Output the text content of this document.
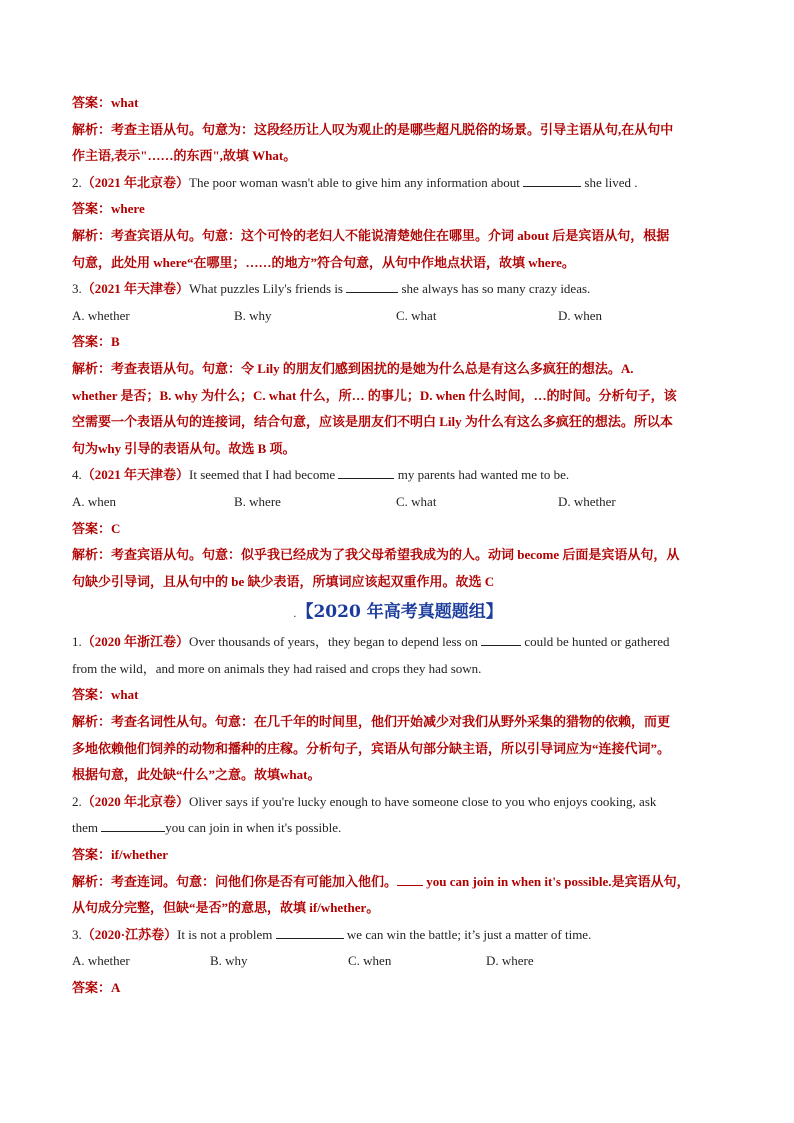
答案：what
解析：考查主语从句。句意为：这段经历让人叹为观止的是哪些超凡脱俗的场景。引导主语从句,在从句中
作主语,表示"……的东西",故填 What。
2.（2021 年北京卷）The poor woman wasn't able to give him any information about	she lived .
答案：where
解析：考查宾语从句。句意：这个可怜的老妇人不能说清楚她住在哪里。介词 about 后是宾语从句，根据
句意，此处用 where“在哪里；……的地方”符合句意，从句中作地点状语，故填 where。
3.（2021 年天津卷）What puzzles Lily's friends is	she always has so many crazy ideas.
A. whether	B. why	C. what	D. when
答案：B
解析：考查表语从句。句意：令 Lily 的朋友们感到困扰的是她为什么总是有这么多疯狂的想法。A.
whether 是否；B. why 为什么；C. what 什么，所… 的事儿；D. when 什么时间，…的时间。分析句子，该
空需要一个表语从句的连接词，结合句意，应该是朋友们不明白 Lily 为什么有这么多疯狂的想法。所以本
句为why 引导的表语从句。故选 B 项。
4.（2021 年天津卷）It seemed that I had become	my parents had wanted me to be.
A. when	B. where	C. what	D. whether
答案：C
解析：考查宾语从句。句意：似乎我已经成为了我父母希望我成为的人。动词 become 后面是宾语从句，从
句缺少引导词，且从句中的 be 缺少表语，所填词应该起双重作用。故选 C
.【2020 年高考真题题组】
1.（2020 年浙江卷）Over thousands of years，they began to depend less on	could be hunted or gathered
from the wild，and more on animals they had raised and crops they had sown.
答案：what
解析：考查名词性从句。句意：在几千年的时间里，他们开始减少对我们从野外采集的猎物的依赖，而更
多地依赖他们饲养的动物和播种的庄稼。分析句子，宾语从句部分缺主语，所以引导词应为“连接代词”。
根据句意，此处缺“什么”之意。故填what。
2.（2020 年北京卷）Oliver says if you're lucky enough to have someone close to you who enjoys cooking, ask
them	you can join in when it's possible.
答案：if/whether
解析：考查连词。句意：问他们你是否有可能加入他们。 you can join in when it's possible.是宾语从句，
从句成分完整，但缺“是否”的意思，故填 if/whether。
3.（2020·江苏卷）It is not a problem	we can win the battle; it’s just a matter of time.
A. whether	B. why	C. when	D. where
答案：A
